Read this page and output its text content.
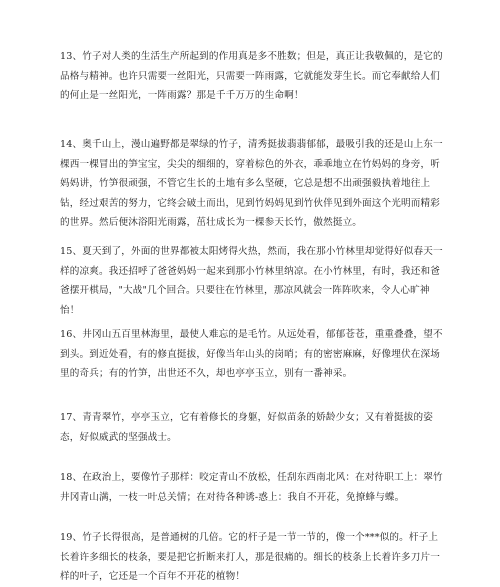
13、竹子对人类的生活生产所起到的作用真是多不胜数；但是，真正让我敬佩的，是它的品格与精神。也许只需要一丝阳光，只需要一阵雨露，它就能发芽生长。而它奉献给人们的何止是一丝阳光，一阵雨露？那是千千万万的生命啊！

14、奥千山上，漫山遍野都是翠绿的竹子，清秀挺拔翡翡郁郁，最吸引我的还是山上东一棵西一棵冒出的笋宝宝，尖尖的细细的，穿着棕色的外衣，乖乖地立在竹妈妈的身旁，听妈妈讲，竹笋很顽强，不管它生长的土地有多么坚硬，它总是想不出顽强毅执着地往上钻，经过艰苦的努力，它终会破土而出，见到竹妈妈见到竹伙伴见到外面这个光明而精彩的世界。然后便沐浴阳光雨露，茁壮成长为一棵参天长竹，傲然挺立。

15、夏天到了，外面的世界都被太阳烤得火热，然而，我在那小竹林里却觉得好似春天一样的凉爽。我还招呼了爸爸妈妈一起来到那小竹林里纳凉。在小竹林里，有时，我还和爸爸摆开棋局，"大战"几个回合。只要往在竹林里，那凉风就会一阵阵吹来，令人心旷神怡！

16、井冈山五百里林海里，最使人难忘的是毛竹。从远处看，郁郁苍苍，重重叠叠，望不到头。到近处看，有的修直挺拔，好像当年山头的岗哨；有的密密麻麻，好像埋伏在深场里的奇兵；有的竹笋，出世还不久，却也亭亭玉立，别有一番神采。

17、青青翠竹，亭亭玉立，它有着修长的身躯，好似苗条的娇龄少女；又有着挺拔的姿态，好似威武的坚强战士。

18、在政治上，要像竹子那样：咬定青山不放松，任刮东西南北风：在对待职工上：翠竹井冈青山满，一枝一叶总关情；在对待各种诱-惑上：我自不开花，免撩蜂与蝶。

19、竹子长得很高，是普通树的几倍。它的杆子是一节一节的，像一个***似的。杆子上长着许多细长的枝条，要是把它折断来打人，那是很痛的。细长的枝条上长着许多刀片一样的叶子，它还是一个百年不开花的植物！
